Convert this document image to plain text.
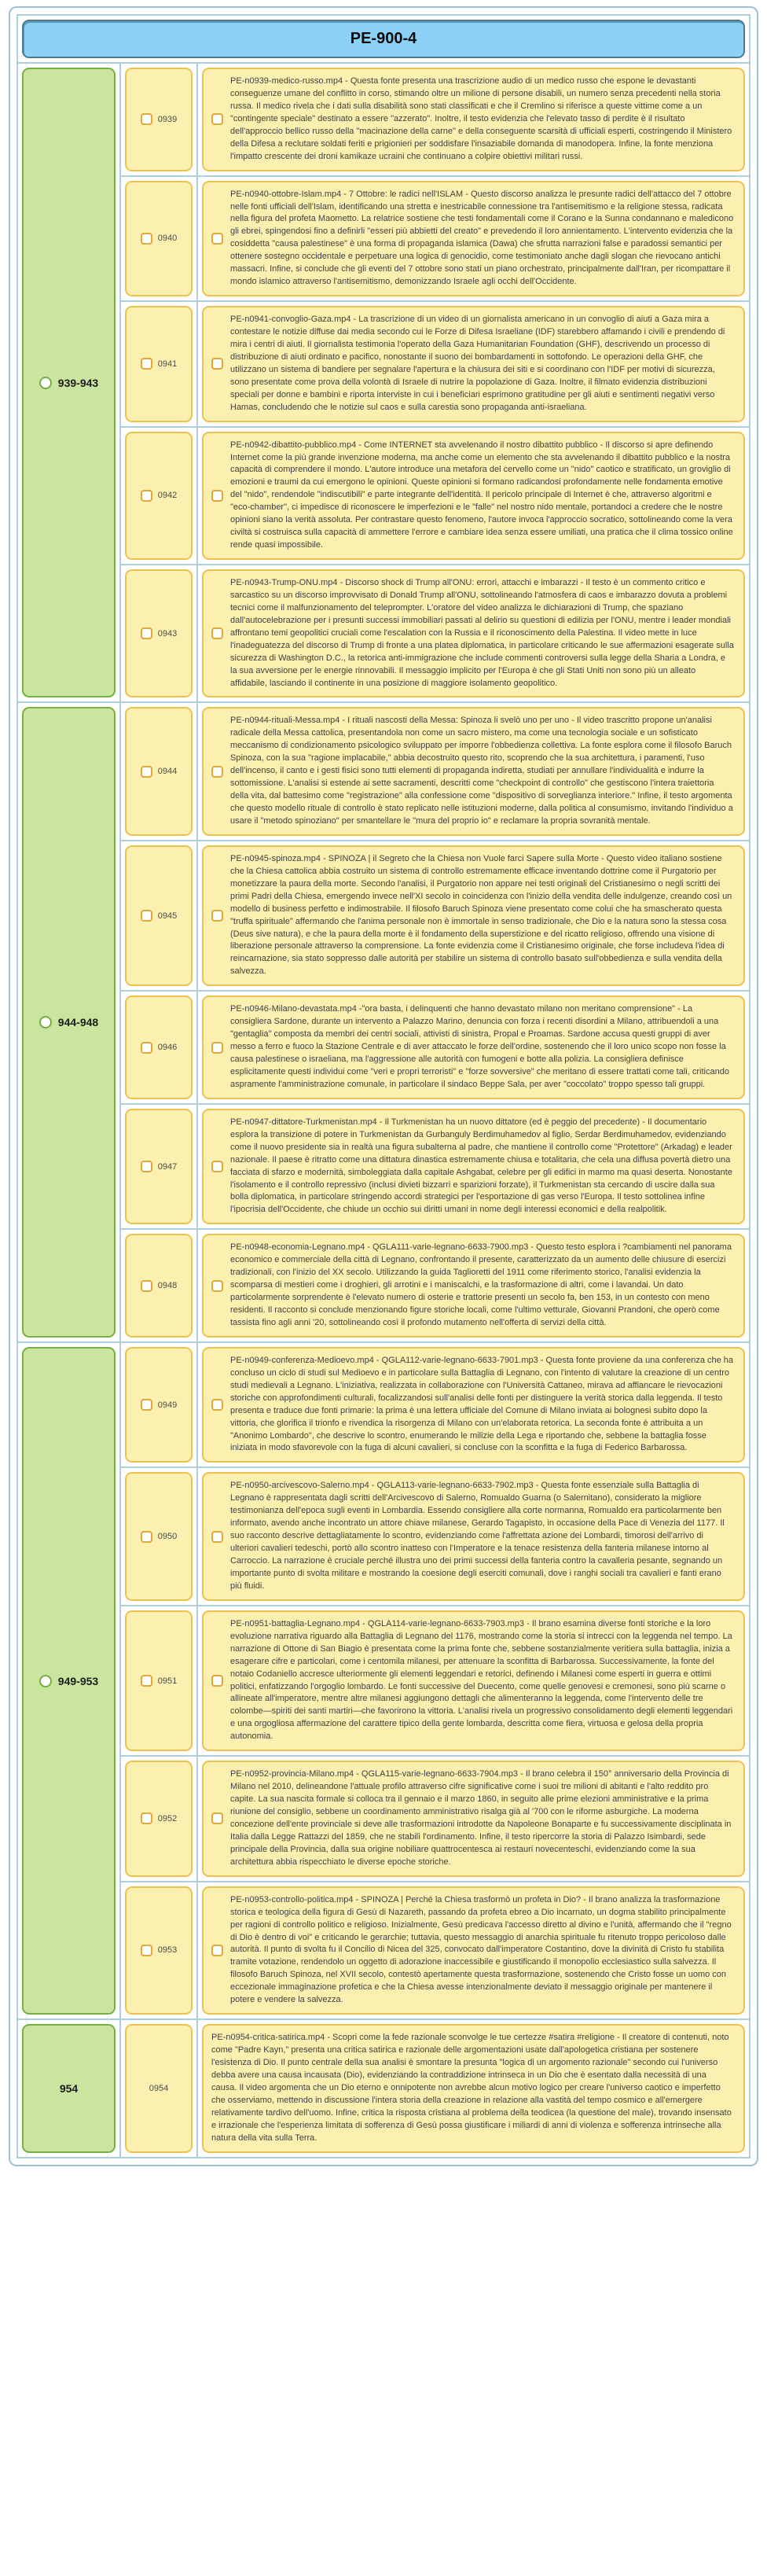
PE-900-4
939-943
0939
PE-n0939-medico-russo.mp4 - Questa fonte presenta una trascrizione audio di un medico russo che espone le devastanti conseguenze umane del conflitto in corso, stimando oltre un milione di persone disabili, un numero senza precedenti nella storia russa. Il medico rivela che i dati sulla disabilità sono stati classificati e che il Cremlino si riferisce a queste vittime come a un "contingente speciale" destinato a essere "azzerato". Inoltre, il testo evidenzia che l'elevato tasso di perdite è il risultato dell'approccio bellico russo della "macinazione della carne" e della conseguente scarsità di ufficiali esperti, costringendo il Ministero della Difesa a reclutare soldati feriti e prigionieri per soddisfare l'insaziabile domanda di manodopera. Infine, la fonte menziona l'impatto crescente dei droni kamikaze ucraini che continuano a colpire obiettivi militari russi.
0940
PE-n0940-ottobre-Islam.mp4 - 7 Ottobre: le radici nell'ISLAM - Questo discorso analizza le presunte radici dell'attacco del 7 ottobre nelle fonti ufficiali dell'Islam, identificando una stretta e inestricabile connessione tra l'antisemitismo e la religione stessa, radicata nella figura del profeta Maometto. La relatrice sostiene che testi fondamentali come il Corano e la Sunna condannano e maledicono gli ebrei, spingendosi fino a definirli "esseri più abbietti del creato" e prevedendo il loro annientamento. L'intervento evidenzia che la cosiddetta "causa palestinese" è una forma di propaganda islamica (Dawa) che sfrutta narrazioni false e paradossi semantici per ottenere sostegno occidentale e perpetuare una logica di genocidio, come testimoniato anche dagli slogan che rievocano antichi massacri. Infine, si conclude che gli eventi del 7 ottobre sono stati un piano orchestrato, principalmente dall'Iran, per ricompattare il mondo islamico attraverso l'antisemitismo, demonizzando Israele agli occhi dell'Occidente.
0941
PE-n0941-convoglio-Gaza.mp4 - La trascrizione di un video di un giornalista americano in un convoglio di aiuti a Gaza mira a contestare le notizie diffuse dai media secondo cui le Forze di Difesa Israeliane (IDF) starebbero affamando i civili e prendendo di mira i centri di aiuti. Il giornalista testimonia l'operato della Gaza Humanitarian Foundation (GHF), descrivendo un processo di distribuzione di aiuti ordinato e pacifico, nonostante il suono dei bombardamenti in sottofondo. Le operazioni della GHF, che utilizzano un sistema di bandiere per segnalare l'apertura e la chiusura dei siti e si coordinano con l'IDF per motivi di sicurezza, sono presentate come prova della volontà di Israele di nutrire la popolazione di Gaza. Inoltre, il filmato evidenzia distribuzioni speciali per donne e bambini e riporta interviste in cui i beneficiari esprimono gratitudine per gli aiuti e sentimenti negativi verso Hamas, concludendo che le notizie sul caos e sulla carestia sono propaganda anti-israeliana.
0942
PE-n0942-dibattito-pubblico.mp4 - Come INTERNET sta avvelenando il nostro dibattito pubblico - Il discorso si apre definendo Internet come la più grande invenzione moderna, ma anche come un elemento che sta avvelenando il dibattito pubblico e la nostra capacità di comprendere il mondo. L'autore introduce una metafora del cervello come un "nido" caotico e stratificato, un groviglio di emozioni e traumi da cui emergono le opinioni. Queste opinioni si formano radicandosi profondamente nelle fondamenta emotive del "nido", rendendole "indiscutibili" e parte integrante dell'identità. Il pericolo principale di Internet è che, attraverso algoritmi e "eco-chamber", ci impedisce di riconoscere le imperfezioni e le "falle" nel nostro nido mentale, portandoci a credere che le nostre opinioni siano la verità assoluta. Per contrastare questo fenomeno, l'autore invoca l'approccio socratico, sottolineando come la vera civiltà si costruisca sulla capacità di ammettere l'errore e cambiare idea senza essere umiliati, una pratica che il clima tossico online rende quasi impossibile.
0943
PE-n0943-Trump-ONU.mp4 - Discorso shock di Trump all'ONU: errori, attacchi e imbarazzi - Il testo è un commento critico e sarcastico su un discorso improvvisato di Donald Trump all'ONU, sottolineando l'atmosfera di caos e imbarazzo dovuta a problemi tecnici come il malfunzionamento del teleprompter. L'oratore del video analizza le dichiarazioni di Trump, che spaziano dall'autocelebrazione per i presunti successi immobiliari passati al delirio su questioni di edilizia per l'ONU, mentre i leader mondiali affrontano temi geopolitici cruciali come l'escalation con la Russia e il riconoscimento della Palestina. Il video mette in luce l'inadeguatezza del discorso di Trump di fronte a una platea diplomatica, in particolare criticando le sue affermazioni esagerate sulla sicurezza di Washington D.C., la retorica anti-immigrazione che include commenti controversi sulla legge della Sharia a Londra, e la sua avversione per le energie rinnovabili. Il messaggio implicito per l'Europa è che gli Stati Uniti non sono più un alleato affidabile, lasciando il continente in una posizione di maggiore isolamento geopolitico.
944-948
0944
PE-n0944-rituali-Messa.mp4 - I rituali nascosti della Messa: Spinoza li svelò uno per uno - Il video trascritto propone un'analisi radicale della Messa cattolica, presentandola non come un sacro mistero, ma come una tecnologia sociale e un sofisticato meccanismo di condizionamento psicologico sviluppato per imporre l'obbedienza collettiva. La fonte esplora come il filosofo Baruch Spinoza, con la sua "ragione implacabile," abbia decostruito questo rito, scoprendo che la sua architettura, i paramenti, l'uso dell'incenso, il canto e i gesti fisici sono tutti elementi di propaganda indiretta, studiati per annullare l'individualità e indurre la sottomissione. L'analisi si estende ai sette sacramenti, descritti come "checkpoint di controllo" che gestiscono l'intera traiettoria della vita, dal battesimo come "registrazione" alla confessione come "dispositivo di sorveglianza interiore." Infine, il testo argomenta che questo modello rituale di controllo è stato replicato nelle istituzioni moderne, dalla politica al consumismo, invitando l'individuo a usare il "metodo spinoziano" per smantellare le "mura del proprio io" e reclamare la propria sovranità mentale.
0945
PE-n0945-spinoza.mp4 - SPINOZA | il Segreto che la Chiesa non Vuole farci Sapere sulla Morte - Questo video italiano sostiene che la Chiesa cattolica abbia costruito un sistema di controllo estremamente efficace inventando dottrine come il Purgatorio per monetizzare la paura della morte. Secondo l'analisi, il Purgatorio non appare nei testi originali del Cristianesimo o negli scritti dei primi Padri della Chiesa, emergendo invece nell'XI secolo in coincidenza con l'inizio della vendita delle indulgenze, creando così un modello di business perfetto e indimostrabile. Il filosofo Baruch Spinoza viene presentato come colui che ha smascherato questa "truffa spirituale" affermando che l'anima personale non è immortale in senso tradizionale, che Dio e la natura sono la stessa cosa (Deus sive natura), e che la paura della morte è il fondamento della superstizione e del ricatto religioso, offrendo una visione di liberazione personale attraverso la comprensione. La fonte evidenzia come il Cristianesimo originale, che forse includeva l'idea di reincarnazione, sia stato soppresso dalle autorità per stabilire un sistema di controllo basato sull'obbedienza e sulla vendita della salvezza.
0946
PE-n0946-Milano-devastata.mp4 -"ora basta, i delinquenti che hanno devastato milano non meritano comprensione" - La consigliera Sardone, durante un intervento a Palazzo Marino, denuncia con forza i recenti disordini a Milano, attribuendoli a una "gentaglia" composta da membri dei centri sociali, attivisti di sinistra, Propal e Proamas. Sardone accusa questi gruppi di aver messo a ferro e fuoco la Stazione Centrale e di aver attaccato le forze dell'ordine, sostenendo che il loro unico scopo non fosse la causa palestinese o israeliana, ma l'aggressione alle autorità con fumogeni e botte alla polizia. La consigliera definisce esplicitamente questi individui come "veri e propri terroristi" e "forze sovversive" che meritano di essere trattati come tali, criticando aspramente l'amministrazione comunale, in particolare il sindaco Beppe Sala, per aver "coccolato" troppo spesso tali gruppi.
0947
PE-n0947-dittatore-Turkmenistan.mp4 - Il Turkmenistan ha un nuovo dittatore (ed è peggio del precedente) - Il documentario esplora la transizione di potere in Turkmenistan da Gurbanguly Berdimuhamedov al figlio, Serdar Berdimuhamedov, evidenziando come il nuovo presidente sia in realtà una figura subalterna al padre, che mantiene il controllo come "Protettore" (Arkadag) e leader nazionale. Il paese è ritratto come una dittatura dinastica estremamente chiusa e totalitaria, che cela una diffusa povertà dietro una facciata di sfarzo e modernità, simboleggiata dalla capitale Ashgabat, celebre per gli edifici in marmo ma quasi deserta. Nonostante l'isolamento e il controllo repressivo (inclusi divieti bizzarri e sparizioni forzate), il Turkmenistan sta cercando di uscire dalla sua bolla diplomatica, in particolare stringendo accordi strategici per l'esportazione di gas verso l'Europa. Il testo sottolinea infine l'ipocrisia dell'Occidente, che chiude un occhio sui diritti umani in nome degli interessi economici e della realpolitik.
0948
PE-n0948-economia-Legnano.mp4 - QGLA111-varie-legnano-6633-7900.mp3 - Questo testo esplora i ?cambiamenti nel panorama economico e commerciale della città di Legnano, confrontando il presente, caratterizzato da un aumento delle chiusure di esercizi tradizionali, con l'inizio del XX secolo. Utilizzando la guida Taglioretti del 1911 come riferimento storico, l'analisi evidenzia la scomparsa di mestieri come i droghieri, gli arrotini e i maniscalchi, e la trasformazione di altri, come i lavandai. Un dato particolarmente sorprendente è l'elevato numero di osterie e trattorie presenti un secolo fa, ben 153, in un contesto con meno residenti. Il racconto si conclude menzionando figure storiche locali, come l'ultimo vetturale, Giovanni Prandoni, che operò come tassista fino agli anni '20, sottolineando così il profondo mutamento nell'offerta di servizi della città.
949-953
0949
PE-n0949-conferenza-Medioevo.mp4 - QGLA112-varie-legnano-6633-7901.mp3 - Questa fonte proviene da una conferenza che ha concluso un ciclo di studi sul Medioevo e in particolare sulla Battaglia di Legnano, con l'intento di valutare la creazione di un centro studi medievali a Legnano. L'iniziativa, realizzata in collaborazione con l'Università Cattaneo, mirava ad affiancare le rievocazioni storiche con approfondimenti culturali, focalizzandosi sull'analisi delle fonti per distinguere la verità storica dalla leggenda. Il testo presenta e traduce due fonti primarie: la prima è una lettera ufficiale del Comune di Milano inviata ai bolognesi subito dopo la vittoria, che glorifica il trionfo e rivendica la risorgenza di Milano con un'elaborata retorica. La seconda fonte è attribuita a un "Anonimo Lombardo", che descrive lo scontro, enumerando le milizie della Lega e riportando che, sebbene la battaglia fosse iniziata in modo sfavorevole con la fuga di alcuni cavalieri, si concluse con la sconfitta e la fuga di Federico Barbarossa.
0950
PE-n0950-arcivescovo-Salerno.mp4 - QGLA113-varie-legnano-6633-7902.mp3 - Questa fonte essenziale sulla Battaglia di Legnano è rappresentata dagli scritti dell'Arcivescovo di Salerno, Romualdo Guarna (o Salernitano), considerato la migliore testimonianza dell'epoca sugli eventi in Lombardia. Essendo consigliere alla corte normanna, Romualdo era particolarmente ben informato, avendo anche incontrato un attore chiave milanese, Gerardo Tagapisto, in occasione della Pace di Venezia del 1177. Il suo racconto descrive dettagliatamente lo scontro, evidenziando come l'affrettata azione dei Lombardi, timorosi dell'arrivo di ulteriori cavalieri tedeschi, portò allo scontro inatteso con l'Imperatore e la tenace resistenza della fanteria milanese intorno al Carroccio. La narrazione è cruciale perché illustra uno dei primi successi della fanteria contro la cavalleria pesante, segnando un importante punto di svolta militare e mostrando la coesione degli eserciti comunali, dove i ranghi sociali tra cavalieri e fanti erano più fluidi.
0951
PE-n0951-battaglia-Legnano.mp4 - QGLA114-varie-legnano-6633-7903.mp3 - Il brano esamina diverse fonti storiche e la loro evoluzione narrativa riguardo alla Battaglia di Legnano del 1176, mostrando come la storia si intrecci con la leggenda nel tempo. La narrazione di Ottone di San Biagio è presentata come la prima fonte che, sebbene sostanzialmente veritiera sulla battaglia, inizia a esagerare cifre e particolari, come i centomila milanesi, per attenuare la sconfitta di Barbarossa. Successivamente, la fonte del notaio Codaniello accresce ulteriormente gli elementi leggendari e retorici, definendo i Milanesi come esperti in guerra e ottimi politici, enfatizzando l'orgoglio lombardo. Le fonti successive del Duecento, come quelle genovesi e cremonesi, sono più scarne o allineate all'imperatore, mentre altre milanesi aggiungono dettagli che alimenteranno la leggenda, come l'intervento delle tre colombe—spiriti dei santi martiri—che favorirono la vittoria. L'analisi rivela un progressivo consolidamento degli elementi leggendari e una orgogliosa affermazione del carattere tipico della gente lombarda, descritta come fiera, virtuosa e gelosa della propria autonomia.
0952
PE-n0952-provincia-Milano.mp4 - QGLA115-varie-legnano-6633-7904.mp3 - Il brano celebra il 150° anniversario della Provincia di Milano nel 2010, delineandone l'attuale profilo attraverso cifre significative come i suoi tre milioni di abitanti e l'alto reddito pro capite. La sua nascita formale si colloca tra il gennaio e il marzo 1860, in seguito alle prime elezioni amministrative e la prima riunione del consiglio, sebbene un coordinamento amministrativo risalga già al '700 con le riforme asburgiche. La moderna concezione dell'ente provinciale si deve alle trasformazioni introdotte da Napoleone Bonaparte e fu successivamente disciplinata in Italia dalla Legge Rattazzi del 1859, che ne stabilì l'ordinamento. Infine, il testo ripercorre la storia di Palazzo Isimbardi, sede principale della Provincia, dalla sua origine nobiliare quattrocentesca ai restauri novecenteschi, evidenziando come la sua architettura abbia rispecchiato le diverse epoche storiche.
0953
PE-n0953-controllo-politica.mp4 - SPINOZA | Perché la Chiesa trasformò un profeta in Dio? - Il brano analizza la trasformazione storica e teologica della figura di Gesù di Nazareth, passando da profeta ebreo a Dio incarnato, un dogma stabilito principalmente per ragioni di controllo politico e religioso. Inizialmente, Gesù predicava l'accesso diretto al divino e l'unità, affermando che il "regno di Dio è dentro di voi" e criticando le gerarchie; tuttavia, questo messaggio di anarchia spirituale fu ritenuto troppo pericoloso dalle autorità. Il punto di svolta fu il Concilio di Nicea del 325, convocato dall'imperatore Costantino, dove la divinità di Cristo fu stabilita tramite votazione, rendendolo un oggetto di adorazione inaccessibile e giustificando il monopolio ecclesiastico sulla salvezza. Il filosofo Baruch Spinoza, nel XVII secolo, contestò apertamente questa trasformazione, sostenendo che Cristo fosse un uomo con eccezionale immaginazione profetica e che la Chiesa avesse intenzionalmente deviato il messaggio originale per mantenere il potere e vendere la salvezza.
954	0954
PE-n0954-critica-satirica.mp4 - Scopri come la fede razionale sconvolge le tue certezze #satira #religione - Il creatore di contenuti, noto come "Padre Kayn," presenta una critica satirica e razionale delle argomentazioni usate dall'apologetica cristiana per sostenere l'esistenza di Dio. Il punto centrale della sua analisi è smontare la presunta "logica di un argomento razionale" secondo cui l'universo debba avere una causa incausata (Dio), evidenziando la contraddizione intrinseca in un Dio che è esentato dalla necessità di una causa. Il video argomenta che un Dio eterno e onnipotente non avrebbe alcun motivo logico per creare l'universo caotico e imperfetto che osserviamo, mettendo in discussione l'intera storia della creazione in relazione alla vastità del tempo cosmico e all'emergere relativamente tardivo dell'uomo. Infine, critica la risposta cristiana al problema della teodicea (la questione del male), trovando insensato e irrazionale che l'esperienza limitata di sofferenza di Gesù possa giustificare i miliardi di anni di violenza e sofferenza intrinseche alla natura della vita sulla Terra.
